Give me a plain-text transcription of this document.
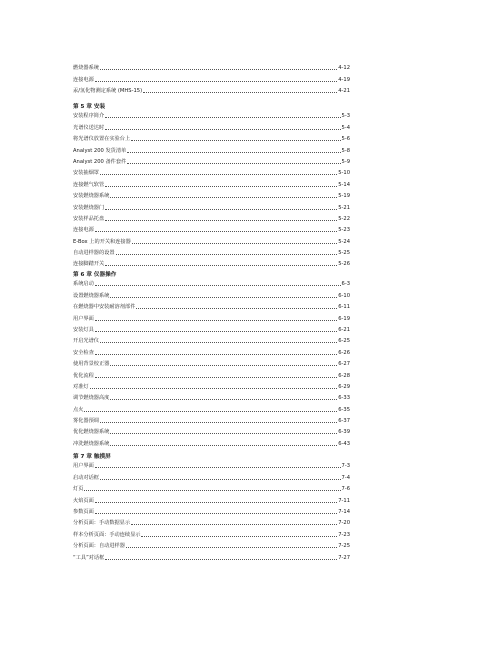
燃烧器系统	4-12
连接电源	4-19
汞/氢化物测定系统 (MHS-15)	4-21
第 5 章 安装
安装程序简介	5-3
光谱仪送达时	5-4
将光谱仪放置在实验台上	5-6
Analyst 200 发货清单	5-8
Analyst 200 备件套件	5-9
安装抽烟罩	5-10
连接燃气软管	5-14
安装燃烧器系统	5-19
安装燃烧器门	5-21
安装样品托盘	5-22
连接电源	5-23
E-Box 上的开关和连接器	5-24
自动进样器的设置	5-25
连接脚踏开关	5-26
第 6 章 仪器操作
系统启动	6-3
设置燃烧器系统	6-10
在燃烧器中安装耐溶剂部件	6-11
用户界面	6-19
安装灯具	6-21
开启光谱仪	6-25
安全检查	6-26
使用背景校正器	6-27
优化流程	6-28
对准灯	6-29
调节燃烧器高度	6-33
点火	6-35
雾化器预调	6-37
优化燃烧器系统	6-39
冲洗燃烧器系统	6-43
第 7 章 触摸屏
用户界面	7-3
启动对话框	7-4
灯页	7-6
火焰页面	7-11
参数页面	7-14
分析页面：手动数据显示	7-20
样本分析页面：手动连续显示	7-23
分析页面：自动进样器	7-25
“工具”对话框	7-27
